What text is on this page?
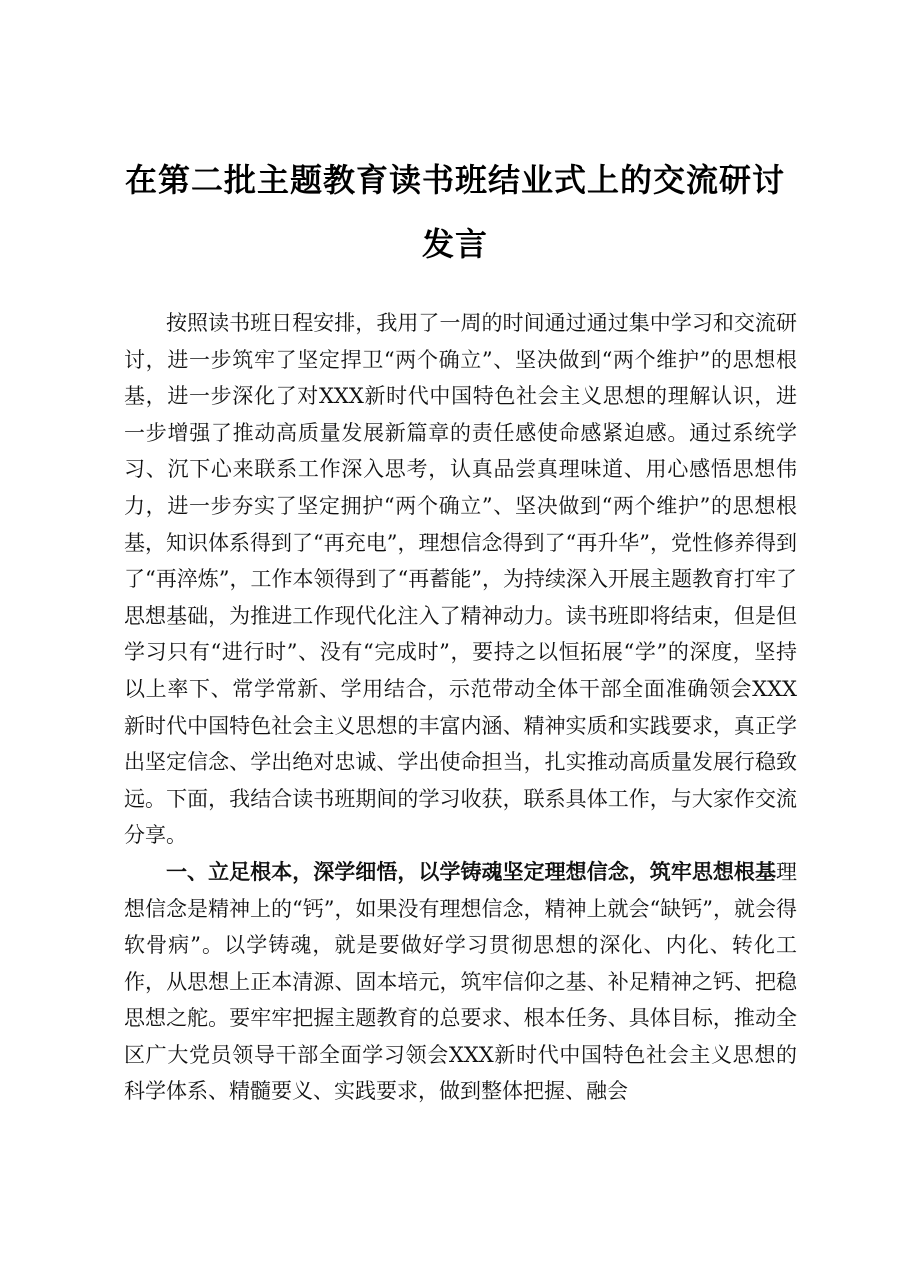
在第二批主题教育读书班结业式上的交流研讨
发言

按照读书班日程安排，我用了一周的时间通过通过集中学习和交流研讨，进一步筑牢了坚定捍卫“两个确立”、坚决做到“两个维护”的思想根基，进一步深化了对XXX新时代中国特色社会主义思想的理解认识，进一步增强了推动高质量发展新篇章的责任感使命感紧迫感。通过系统学习、沉下心来联系工作深入思考，认真品尝真理味道、用心感悟思想伟力，进一步夯实了坚定拥护“两个确立”、坚决做到“两个维护”的思想根基，知识体系得到了“再充电”，理想信念得到了“再升华”，党性修养得到了“再淬炼”，工作本领得到了“再蓄能”，为持续深入开展主题教育打牢了思想基础，为推进工作现代化注入了精神动力。读书班即将结束，但是但学习只有“进行时”、没有“完成时”，要持之以恒拓展“学”的深度，坚持以上率下、常学常新、学用结合，示范带动全体干部全面准确领会XXX新时代中国特色社会主义思想的丰富内涵、精神实质和实践要求，真正学出坚定信念、学出绝对忠诚、学出使命担当，扎实推动高质量发展行稳致远。下面，我结合读书班期间的学习收获，联系具体工作，与大家作交流分享。

一、立足根本，深学细悟，以学铸魂坚定理想信念，筑牢思想根基理想信念是精神上的“钙”，如果没有理想信念，精神上就会“缺钙”，就会得软骨病”。以学铸魂，就是要做好学习贯彻思想的深化、内化、转化工作，从思想上正本清源、固本培元，筑牢信仰之基、补足精神之钙、把稳思想之舵。要牢牢把握主题教育的总要求、根本任务、具体目标，推动全区广大党员领导干部全面学习领会XXX新时代中国特色社会主义思想的科学体系、精髓要义、实践要求，做到整体把握、融会
